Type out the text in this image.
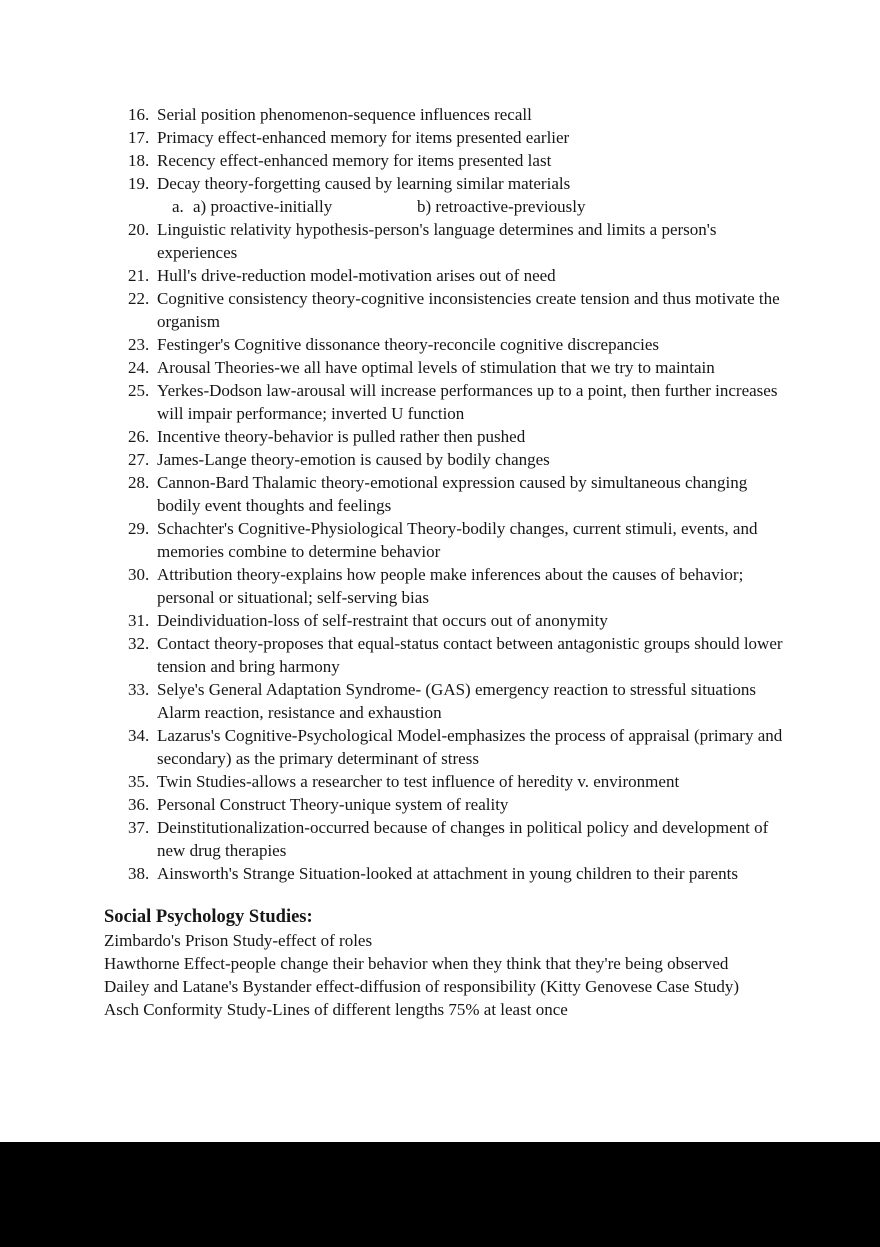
16. Serial position phenomenon-sequence influences recall
17. Primacy effect-enhanced memory for items presented earlier
18. Recency effect-enhanced memory for items presented last
19. Decay theory-forgetting caused by learning similar materials
a. a) proactive-initially	b) retroactive-previously
20. Linguistic relativity hypothesis-person's language determines and limits a person's experiences
21. Hull's drive-reduction model-motivation arises out of need
22. Cognitive consistency theory-cognitive inconsistencies create tension and thus motivate the organism
23. Festinger's Cognitive dissonance theory-reconcile cognitive discrepancies
24. Arousal Theories-we all have optimal levels of stimulation that we try to maintain
25. Yerkes-Dodson law-arousal will increase performances up to a point, then further increases will impair performance; inverted U function
26. Incentive theory-behavior is pulled rather then pushed
27. James-Lange theory-emotion is caused by bodily changes
28. Cannon-Bard Thalamic theory-emotional expression caused by simultaneous changing bodily event thoughts and feelings
29. Schachter's Cognitive-Physiological Theory-bodily changes, current stimuli, events, and memories combine to determine behavior
30. Attribution theory-explains how people make inferences about the causes of behavior; personal or situational; self-serving bias
31. Deindividuation-loss of self-restraint that occurs out of anonymity
32. Contact theory-proposes that equal-status contact between antagonistic groups should lower tension and bring harmony
33. Selye's General Adaptation Syndrome- (GAS) emergency reaction to stressful situations Alarm reaction, resistance and exhaustion
34. Lazarus's Cognitive-Psychological Model-emphasizes the process of appraisal (primary and secondary) as the primary determinant of stress
35. Twin Studies-allows a researcher to test influence of heredity v. environment
36. Personal Construct Theory-unique system of reality
37. Deinstitutionalization-occurred because of changes in political policy and development of new drug therapies
38. Ainsworth's Strange Situation-looked at attachment in young children to their parents
Social Psychology Studies:
Zimbardo's Prison Study-effect of roles
Hawthorne Effect-people change their behavior when they think that they're being observed
Dailey and Latane's Bystander effect-diffusion of responsibility (Kitty Genovese Case Study)
Asch Conformity Study-Lines of different lengths 75% at least once
